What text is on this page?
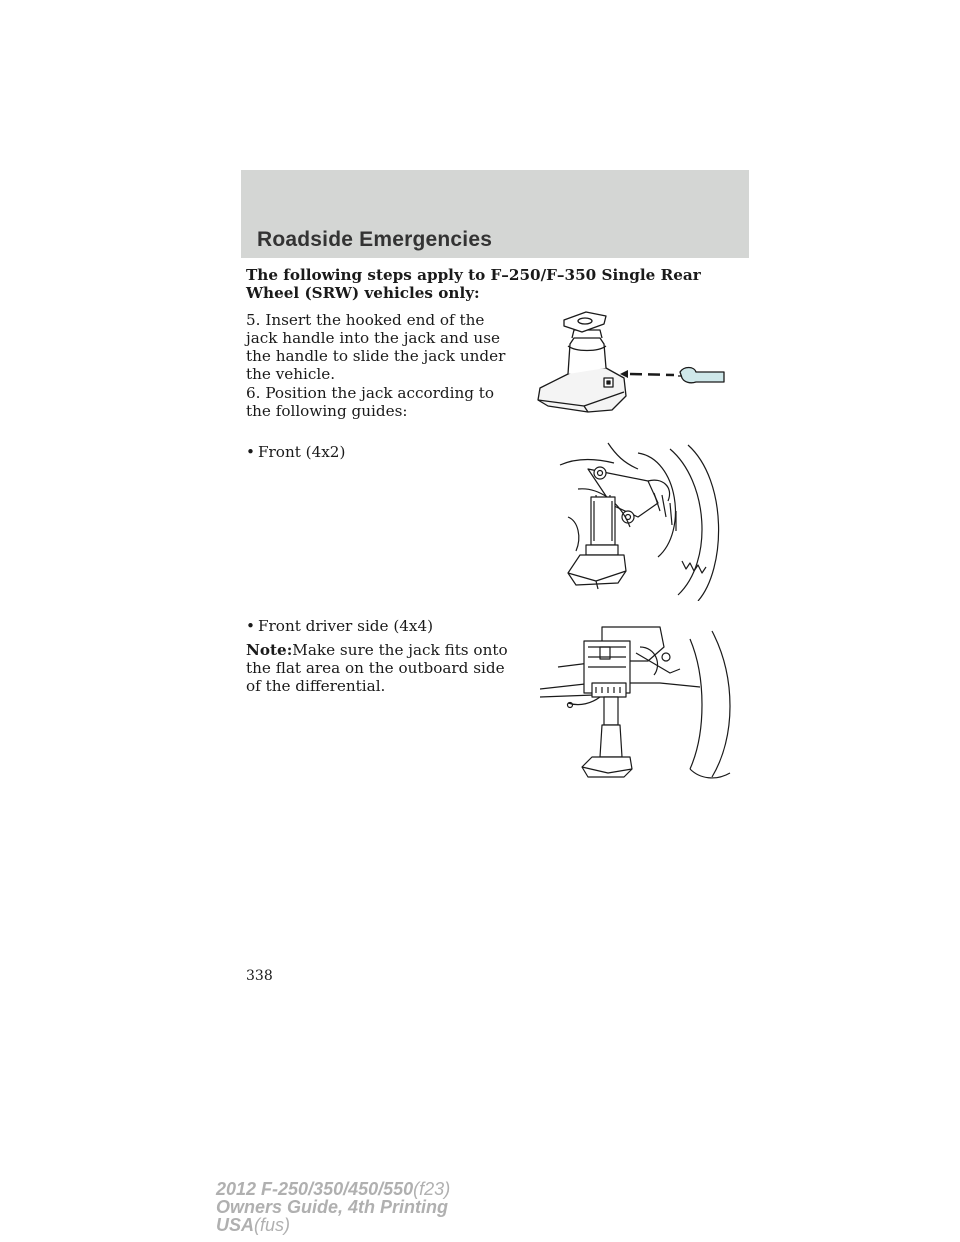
Roadside Emergencies
The following steps apply to F–250/F–350 Single Rear Wheel (SRW) vehicles only:
5. Insert the hooked end of the jack handle into the jack and use the handle to slide the jack under the vehicle.
6. Position the jack according to the following guides:
• Front (4x2)
• Front driver side (4x4)
Note:Make sure the jack fits onto the flat area on the outboard side of the differential.
338
2012 F-250/350/450/550(f23)
Owners Guide, 4th Printing
USA(fus)
